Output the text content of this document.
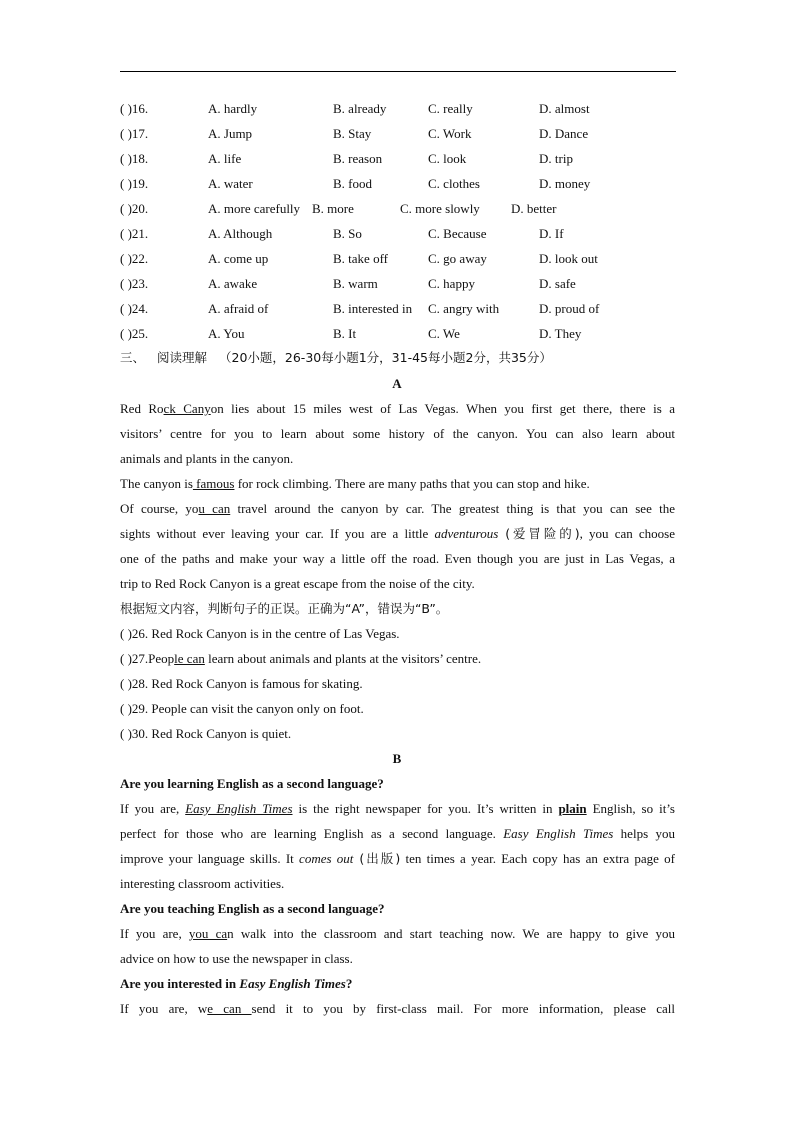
( )16.	A. hardly	B. already	C. really	D. almost
( )17.	A. Jump	B. Stay	C. Work	D. Dance
( )18.	A. life	B. reason	C. look	D. trip
( )19.	A. water	B. food	C. clothes	D. money
( )20.	A. more carefully B. more	C. more slowly D. better
( )21.	A. Although	B. So	C. Because	D. If
( )22.	A. come up	B. take off	C. go away	D. look out
( )23.	A. awake	B. warm	C. happy	D. safe
( )24.	A. afraid of	B. interested in C. angry with	D. proud of
( )25.	A. You	B. It	C. We	D. They
三、 阅读理解 （20小题，26-30每小题1分，31-45每小题2分，共35分）
A
Red Rock Canyon lies about 15 miles west of Las Vegas. When you first get there, there is a
visitors’ centre for you to learn about some history of the canyon. You can also learn about
animals and plants in the canyon.
The canyon is famous for rock climbing. There are many paths that you can stop and hike.
Of course, you can travel around the canyon by car. The greatest thing is that you can see the
sights without ever leaving your car. If you are a little adventurous (爱冒险的), you can choose
one of the paths and make your way a little off the road. Even though you are just in Las Vegas, a
trip to Red Rock Canyon is a great escape from the noise of the city.
根据短文内容，判断句子的正误。正确为“A”，错误为“B”。
( )26. Red Rock Canyon is in the centre of Las Vegas.
( )27.People can learn about animals and plants at the visitors’ centre.
( )28. Red Rock Canyon is famous for skating.
( )29. People can visit the canyon only on foot.
( )30. Red Rock Canyon is quiet.
B
Are you learning English as a second language?
If you are, Easy English Times is the right newspaper for you. It’s written in plain English, so it’s
perfect for those who are learning English as a second language. Easy English Times helps you
improve your language skills. It comes out (出版) ten times a year. Each copy has an extra page of
interesting classroom activities.
Are you teaching English as a second language?
If you are, you can walk into the classroom and start teaching now. We are happy to give you
advice on how to use the newspaper in class.
Are you interested in Easy English Times?
If you are, we can send it to you by first-class mail. For more information, please call
